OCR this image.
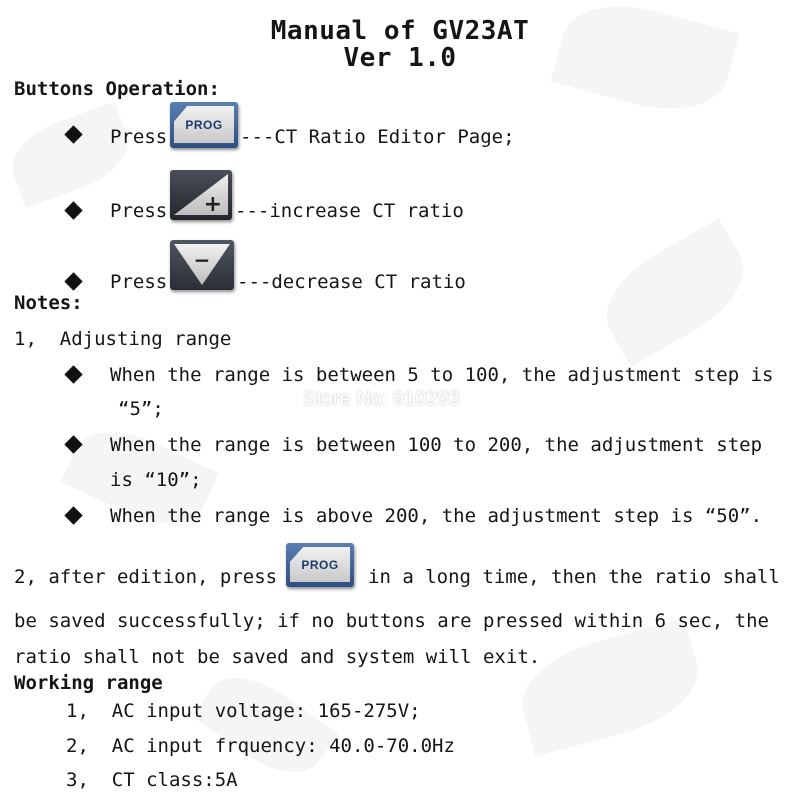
Manual of GV23AT
Ver 1.0
Buttons Operation:
Press
PROG
---CT Ratio Editor Page;
Press + ---increase CT ratio
Press
−
---decrease CT ratio
Notes:
1,  Adjusting range
When the range is between 5 to 100, the adjustment step is
“5”;
When the range is between 100 to 200, the adjustment step
is “10”;
When the range is above 200, the adjustment step is “50”.
2, after edition, press
PROG
in a long time, then the ratio shall
be saved successfully; if no buttons are pressed within 6 sec, the
ratio shall not be saved and system will exit.
Store No: 910293
Working range
1,  AC input voltage: 165-275V;
2,  AC input frquency: 40.0-70.0Hz
3,  CT class:5A
